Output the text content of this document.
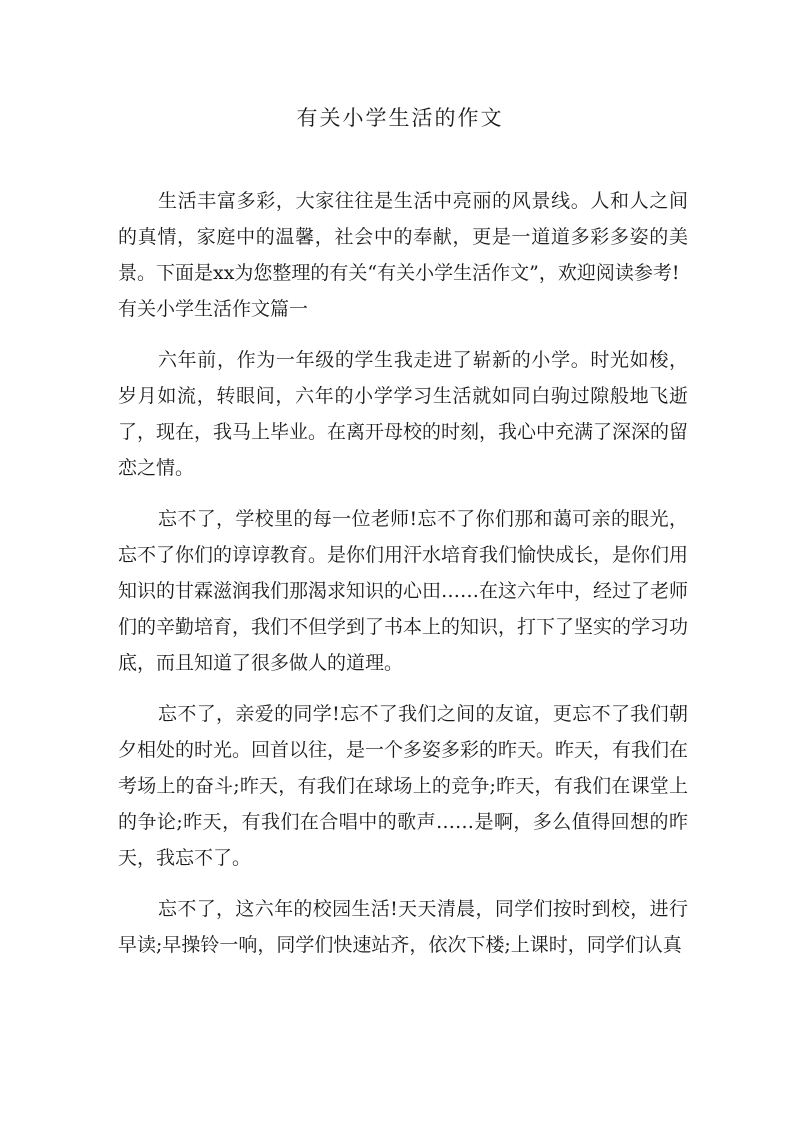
有关小学生活的作文

生活丰富多彩，大家往往是生活中亮丽的风景线。人和人之间的真情，家庭中的温馨，社会中的奉献，更是一道道多彩多姿的美景。下面是xx为您整理的有关“有关小学生活作文”，欢迎阅读参考!

有关小学生活作文篇一

六年前，作为一年级的学生我走进了崭新的小学。时光如梭，岁月如流，转眼间，六年的小学学习生活就如同白驹过隙般地飞逝了，现在，我马上毕业。在离开母校的时刻，我心中充满了深深的留恋之情。

忘不了，学校里的每一位老师!忘不了你们那和蔼可亲的眼光，忘不了你们的谆谆教育。是你们用汗水培育我们愉快成长，是你们用知识的甘霖滋润我们那渴求知识的心田……在这六年中，经过了老师们的辛勤培育，我们不但学到了书本上的知识，打下了坚实的学习功底，而且知道了很多做人的道理。

忘不了，亲爱的同学!忘不了我们之间的友谊，更忘不了我们朝夕相处的时光。回首以往，是一个多姿多彩的昨天。昨天，有我们在考场上的奋斗;昨天，有我们在球场上的竞争;昨天，有我们在课堂上的争论;昨天，有我们在合唱中的歌声……是啊，多么值得回想的昨天，我忘不了。

忘不了，这六年的校园生活!天天清晨，同学们按时到校，进行早读;早操铃一响，同学们快速站齐，依次下楼;上课时，同学们认真
